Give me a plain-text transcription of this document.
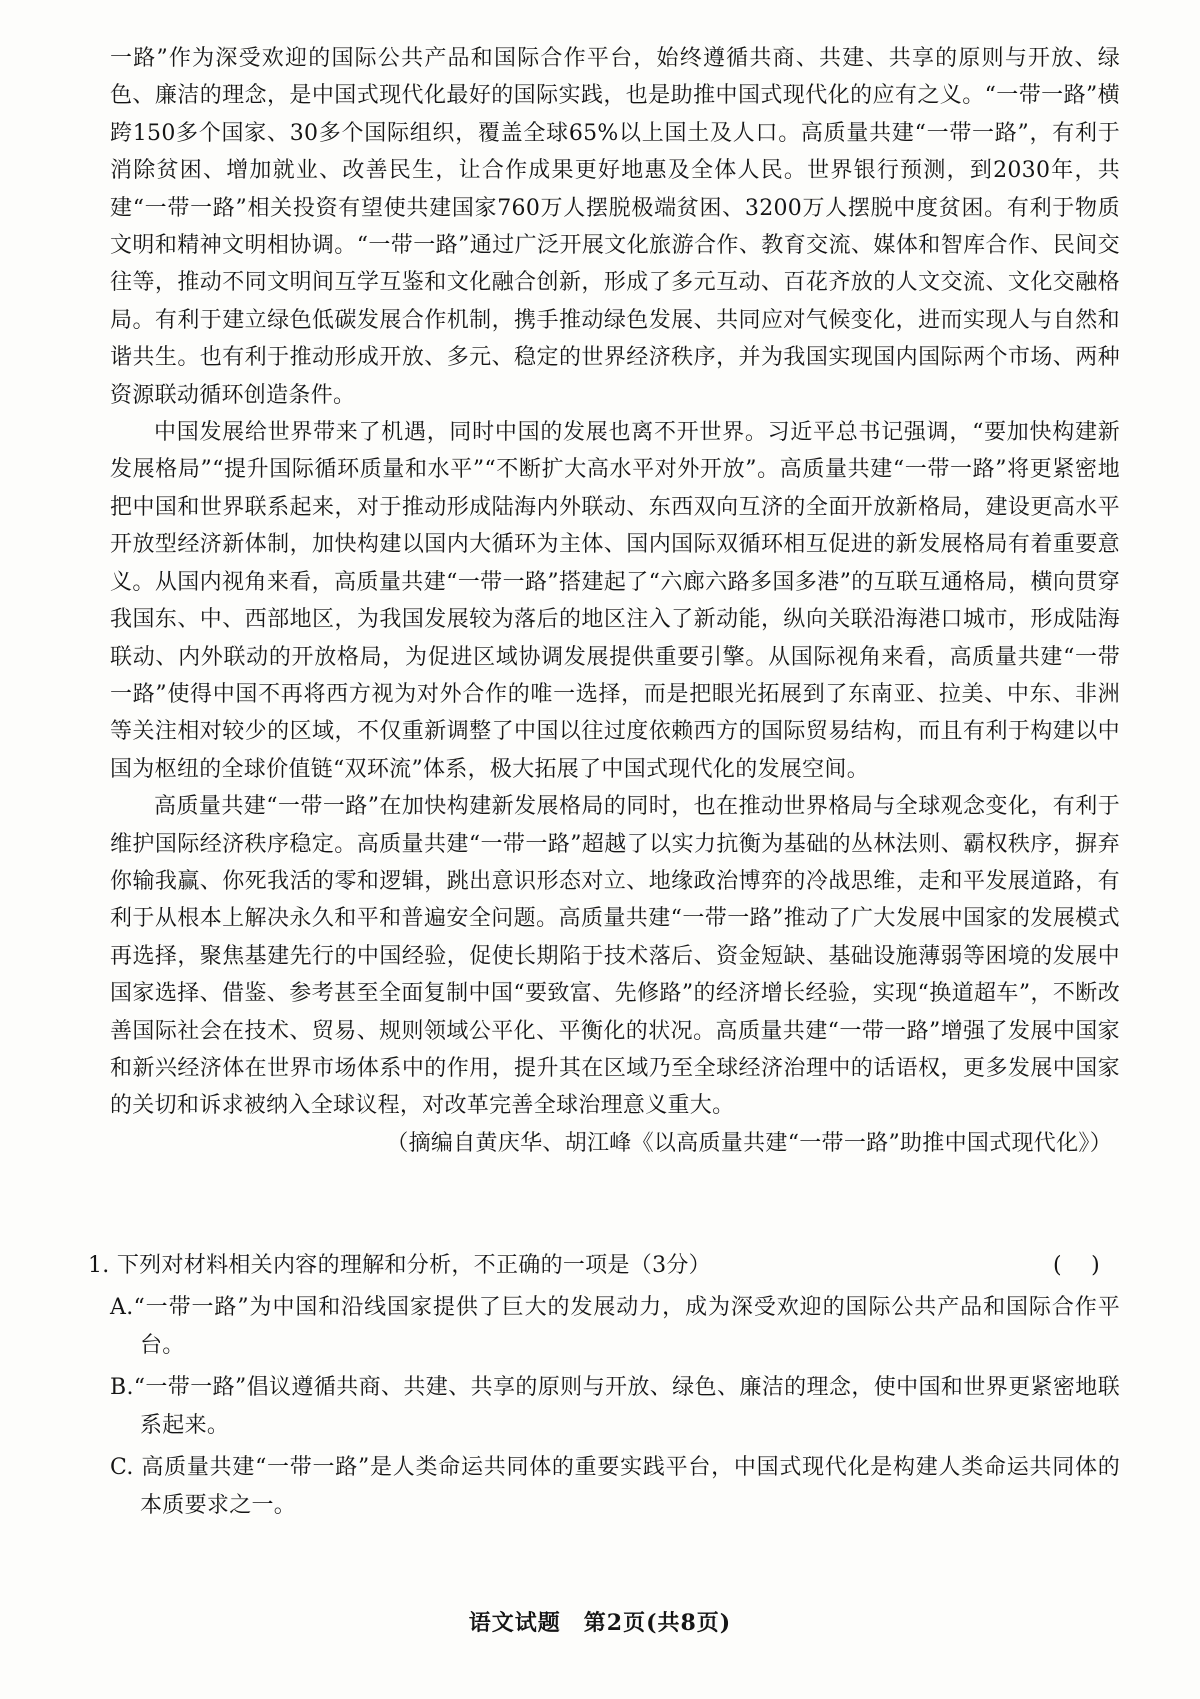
一路”作为深受欢迎的国际公共产品和国际合作平台，始终遵循共商、共建、共享的原则与开放、绿色、廉洁的理念，是中国式现代化最好的国际实践，也是助推中国式现代化的应有之义。“一带一路”横跨150多个国家、30多个国际组织，覆盖全球65%以上国土及人口。高质量共建“一带一路”，有利于消除贫困、增加就业、改善民生，让合作成果更好地惠及全体人民。世界银行预测，到2030年，共建“一带一路”相关投资有望使共建国家760万人摆脱极端贫困、3200万人摆脱中度贫困。有利于物质文明和精神文明相协调。“一带一路”通过广泛开展文化旅游合作、教育交流、媒体和智库合作、民间交往等，推动不同文明间互学互鉴和文化融合创新，形成了多元互动、百花齐放的人文交流、文化交融格局。有利于建立绿色低碳发展合作机制，携手推动绿色发展、共同应对气候变化，进而实现人与自然和谐共生。也有利于推动形成开放、多元、稳定的世界经济秩序，并为我国实现国内国际两个市场、两种资源联动循环创造条件。

中国发展给世界带来了机遇，同时中国的发展也离不开世界。习近平总书记强调，“要加快构建新发展格局”“提升国际循环质量和水平”“不断扩大高水平对外开放”。高质量共建“一带一路”将更紧密地把中国和世界联系起来，对于推动形成陆海内外联动、东西双向互济的全面开放新格局，建设更高水平开放型经济新体制，加快构建以国内大循环为主体、国内国际双循环相互促进的新发展格局有着重要意义。从国内视角来看，高质量共建“一带一路”搭建起了“六廊六路多国多港”的互联互通格局，横向贯穿我国东、中、西部地区，为我国发展较为落后的地区注入了新动能，纵向关联沿海港口城市，形成陆海联动、内外联动的开放格局，为促进区域协调发展提供重要引擎。从国际视角来看，高质量共建“一带一路”使得中国不再将西方视为对外合作的唯一选择，而是把眼光拓展到了东南亚、拉美、中东、非洲等关注相对较少的区域，不仅重新调整了中国以往过度依赖西方的国际贸易结构，而且有利于构建以中国为枢纽的全球价值链“双环流”体系，极大拓展了中国式现代化的发展空间。

高质量共建“一带一路”在加快构建新发展格局的同时，也在推动世界格局与全球观念变化，有利于维护国际经济秩序稳定。高质量共建“一带一路”超越了以实力抗衡为基础的丛林法则、霸权秩序，摒弃你输我赢、你死我活的零和逻辑，跳出意识形态对立、地缘政治博弈的冷战思维，走和平发展道路，有利于从根本上解决永久和平和普遍安全问题。高质量共建“一带一路”推动了广大发展中国家的发展模式再选择，聚焦基建先行的中国经验，促使长期陷于技术落后、资金短缺、基础设施薄弱等困境的发展中国家选择、借鉴、参考甚至全面复制中国“要致富、先修路”的经济增长经验，实现“换道超车”，不断改善国际社会在技术、贸易、规则领域公平化、平衡化的状况。高质量共建“一带一路”增强了发展中国家和新兴经济体在世界市场体系中的作用，提升其在区域乃至全球经济治理中的话语权，更多发展中国家的关切和诉求被纳入全球议程，对改革完善全球治理意义重大。

（摘编自黄庆华、胡江峰《以高质量共建“一带一路”助推中国式现代化》）

1. 下列对材料相关内容的理解和分析，不正确的一项是（3分）	(    )

A.“一带一路”为中国和沿线国家提供了巨大的发展动力，成为深受欢迎的国际公共产品和国际合作平台。

B.“一带一路”倡议遵循共商、共建、共享的原则与开放、绿色、廉洁的理念，使中国和世界更紧密地联系起来。

C. 高质量共建“一带一路”是人类命运共同体的重要实践平台，中国式现代化是构建人类命运共同体的本质要求之一。

语文试题　第2页(共8页)
